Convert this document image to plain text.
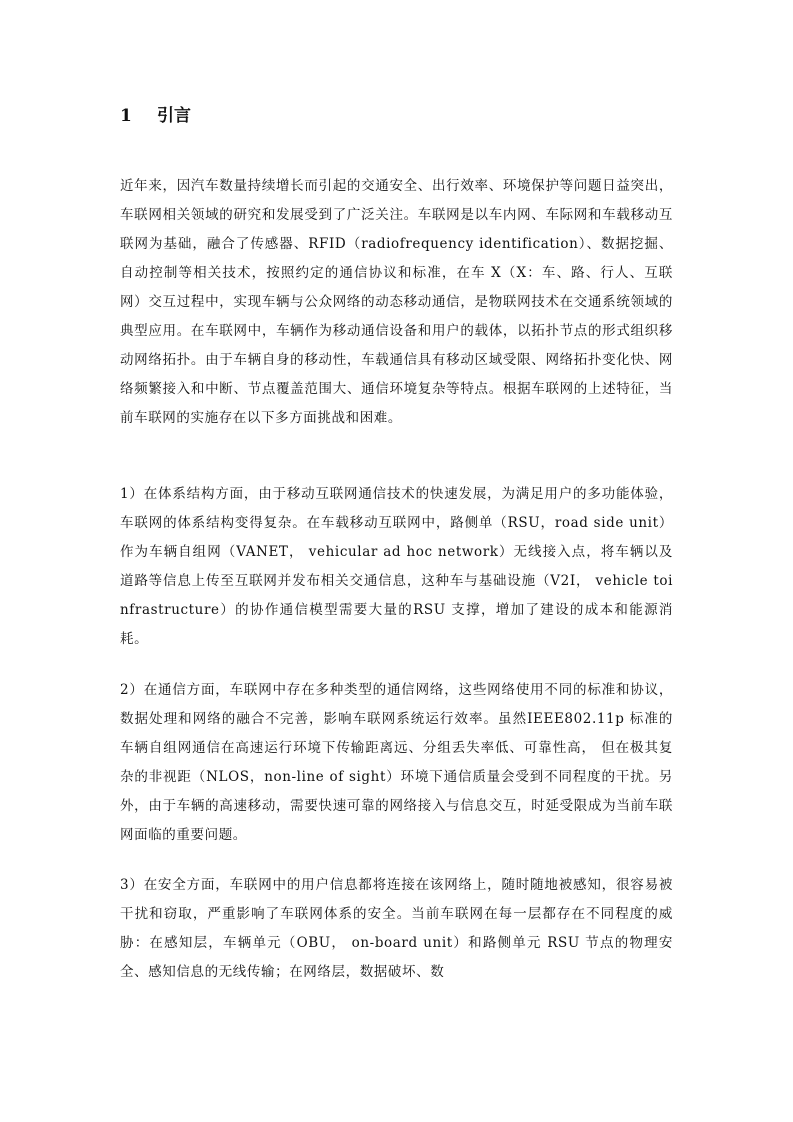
1 引言

近年来，因汽车数量持续增长而引起的交通安全、出行效率、环境保护等问题日益突出，车联网相关领域的研究和发展受到了广泛关注。车联网是以车内网、车际网和车载移动互联网为基础，融合了传感器、RFID（radiofrequency identification）、数据挖掘、自动控制等相关技术，按照约定的通信协议和标准，在车 X（X：车、路、行人、互联网）交互过程中，实现车辆与公众网络的动态移动通信，是物联网技术在交通系统领域的典型应用。在车联网中，车辆作为移动通信设备和用户的载体，以拓扑节点的形式组织移动网络拓扑。由于车辆自身的移动性，车载通信具有移动区域受限、网络拓扑变化快、网络频繁接入和中断、节点覆盖范围大、通信环境复杂等特点。根据车联网的上述特征，当前车联网的实施存在以下多方面挑战和困难。

1）在体系结构方面，由于移动互联网通信技术的快速发展，为满足用户的多功能体验，车联网的体系结构变得复杂。在车载移动互联网中，路侧单（RSU，road side unit）作为车辆自组网（VANET， vehicular ad hoc network）无线接入点，将车辆以及道路等信息上传至互联网并发布相关交通信息，这种车与基础设施（V2I， vehicle toinfrastructure）的协作通信模型需要大量的RSU 支撑，增加了建设的成本和能源消耗。

2）在通信方面，车联网中存在多种类型的通信网络，这些网络使用不同的标准和协议，数据处理和网络的融合不完善，影响车联网系统运行效率。虽然IEEE802.11p 标准的车辆自组网通信在高速运行环境下传输距离远、分组丢失率低、可靠性高， 但在极其复杂的非视距（NLOS，non-line of sight）环境下通信质量会受到不同程度的干扰。另外，由于车辆的高速移动，需要快速可靠的网络接入与信息交互，时延受限成为当前车联网面临的重要问题。

3）在安全方面，车联网中的用户信息都将连接在该网络上，随时随地被感知，很容易被干扰和窃取，严重影响了车联网体系的安全。当前车联网在每一层都存在不同程度的威胁：在感知层，车辆单元（OBU， on-board unit）和路侧单元 RSU 节点的物理安全、感知信息的无线传输；在网络层，数据破坏、数
